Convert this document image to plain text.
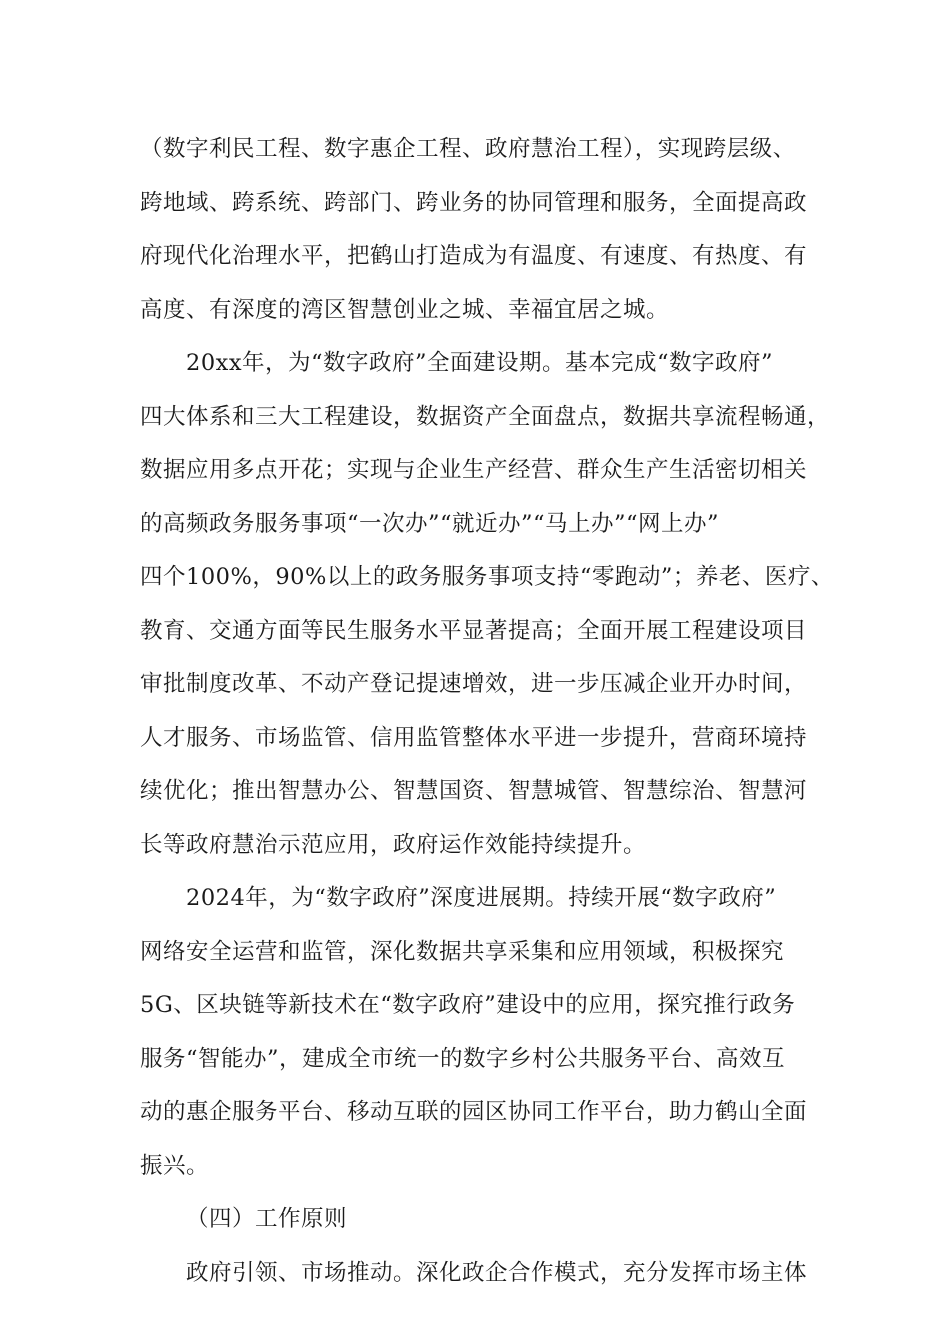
（数字利民工程、数字惠企工程、政府慧治工程），实现跨层级、
跨地域、跨系统、跨部门、跨业务的协同管理和服务，全面提高政
府现代化治理水平，把鹤山打造成为有温度、有速度、有热度、有
高度、有深度的湾区智慧创业之城、幸福宜居之城。
20xx年，为“数字政府”全面建设期。基本完成“数字政府”
四大体系和三大工程建设，数据资产全面盘点，数据共享流程畅通，
数据应用多点开花；实现与企业生产经营、群众生产生活密切相关
的高频政务服务事项“一次办”“就近办”“马上办”“网上办”
四个100%，90%以上的政务服务事项支持“零跑动”；养老、医疗、
教育、交通方面等民生服务水平显著提高；全面开展工程建设项目
审批制度改革、不动产登记提速增效，进一步压减企业开办时间，
人才服务、市场监管、信用监管整体水平进一步提升，营商环境持
续优化；推出智慧办公、智慧国资、智慧城管、智慧综治、智慧河
长等政府慧治示范应用，政府运作效能持续提升。
2024年，为“数字政府”深度进展期。持续开展“数字政府”
网络安全运营和监管，深化数据共享采集和应用领域，积极探究
5G、区块链等新技术在“数字政府”建设中的应用，探究推行政务
服务“智能办”，建成全市统一的数字乡村公共服务平台、高效互
动的惠企服务平台、移动互联的园区协同工作平台，助力鹤山全面
振兴。
（四）工作原则
政府引领、市场推动。深化政企合作模式，充分发挥市场主体
